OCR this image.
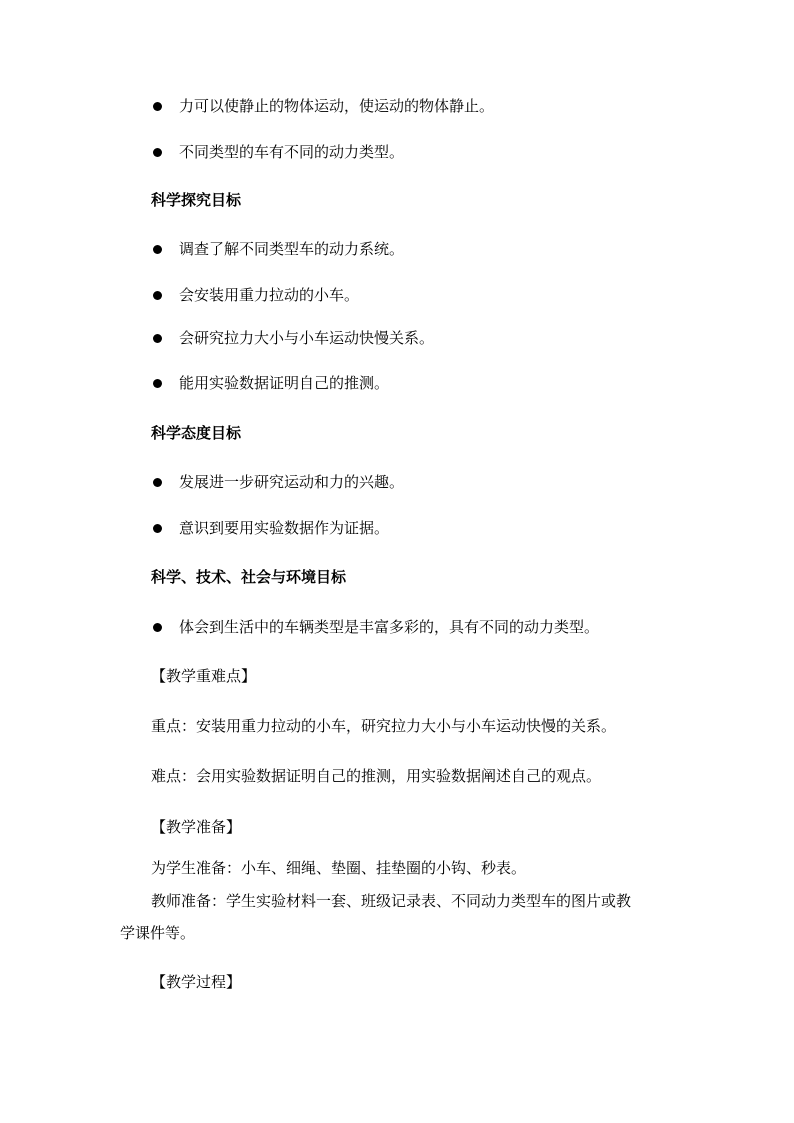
力可以使静止的物体运动，使运动的物体静止。
不同类型的车有不同的动力类型。
科学探究目标
调查了解不同类型车的动力系统。
会安装用重力拉动的小车。
会研究拉力大小与小车运动快慢关系。
能用实验数据证明自己的推测。
科学态度目标
发展进一步研究运动和力的兴趣。
意识到要用实验数据作为证据。
科学、技术、社会与环境目标
体会到生活中的车辆类型是丰富多彩的，具有不同的动力类型。
【教学重难点】
重点：安装用重力拉动的小车，研究拉力大小与小车运动快慢的关系。
难点：会用实验数据证明自己的推测，用实验数据阐述自己的观点。
【教学准备】
为学生准备：小车、细绳、垫圈、挂垫圈的小钩、秒表。
教师准备：学生实验材料一套、班级记录表、不同动力类型车的图片或教
学课件等。
【教学过程】
